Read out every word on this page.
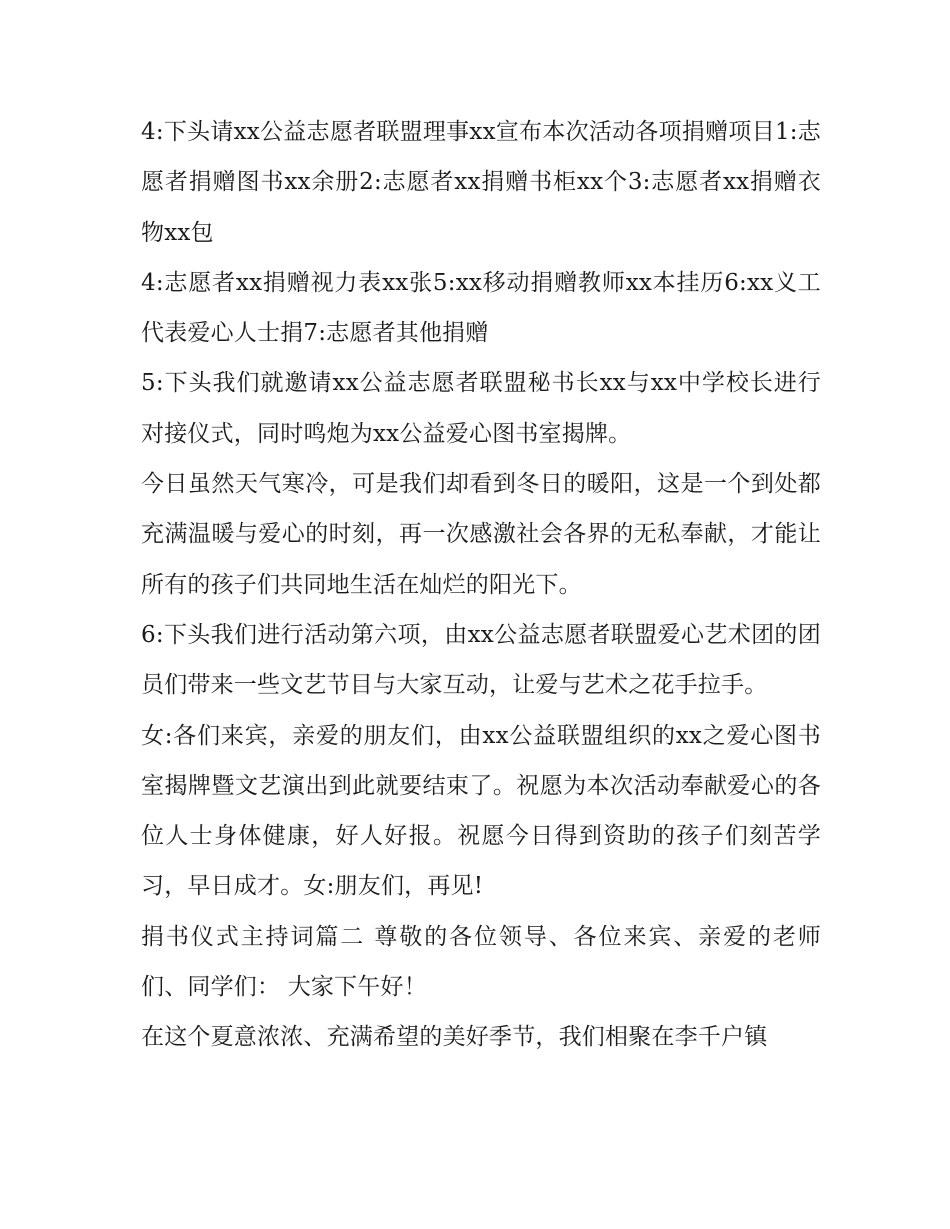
4:下头请xx公益志愿者联盟理事xx宣布本次活动各项捐赠项目1:志愿者捐赠图书xx余册2:志愿者xx捐赠书柜xx个3:志愿者xx捐赠衣物xx包

4:志愿者xx捐赠视力表xx张5:xx移动捐赠教师xx本挂历6:xx义工代表爱心人士捐7:志愿者其他捐赠

5:下头我们就邀请xx公益志愿者联盟秘书长xx与xx中学校长进行对接仪式，同时鸣炮为xx公益爱心图书室揭牌。

今日虽然天气寒冷，可是我们却看到冬日的暖阳，这是一个到处都充满温暖与爱心的时刻，再一次感激社会各界的无私奉献，才能让所有的孩子们共同地生活在灿烂的阳光下。

6:下头我们进行活动第六项，由xx公益志愿者联盟爱心艺术团的团员们带来一些文艺节目与大家互动，让爱与艺术之花手拉手。

女:各们来宾，亲爱的朋友们，由xx公益联盟组织的xx之爱心图书室揭牌暨文艺演出到此就要结束了。祝愿为本次活动奉献爱心的各位人士身体健康，好人好报。祝愿今日得到资助的孩子们刻苦学习，早日成才。女:朋友们，再见!

捐书仪式主持词篇二 尊敬的各位领导、各位来宾、亲爱的老师们、同学们： 大家下午好！

在这个夏意浓浓、充满希望的美好季节，我们相聚在李千户镇
